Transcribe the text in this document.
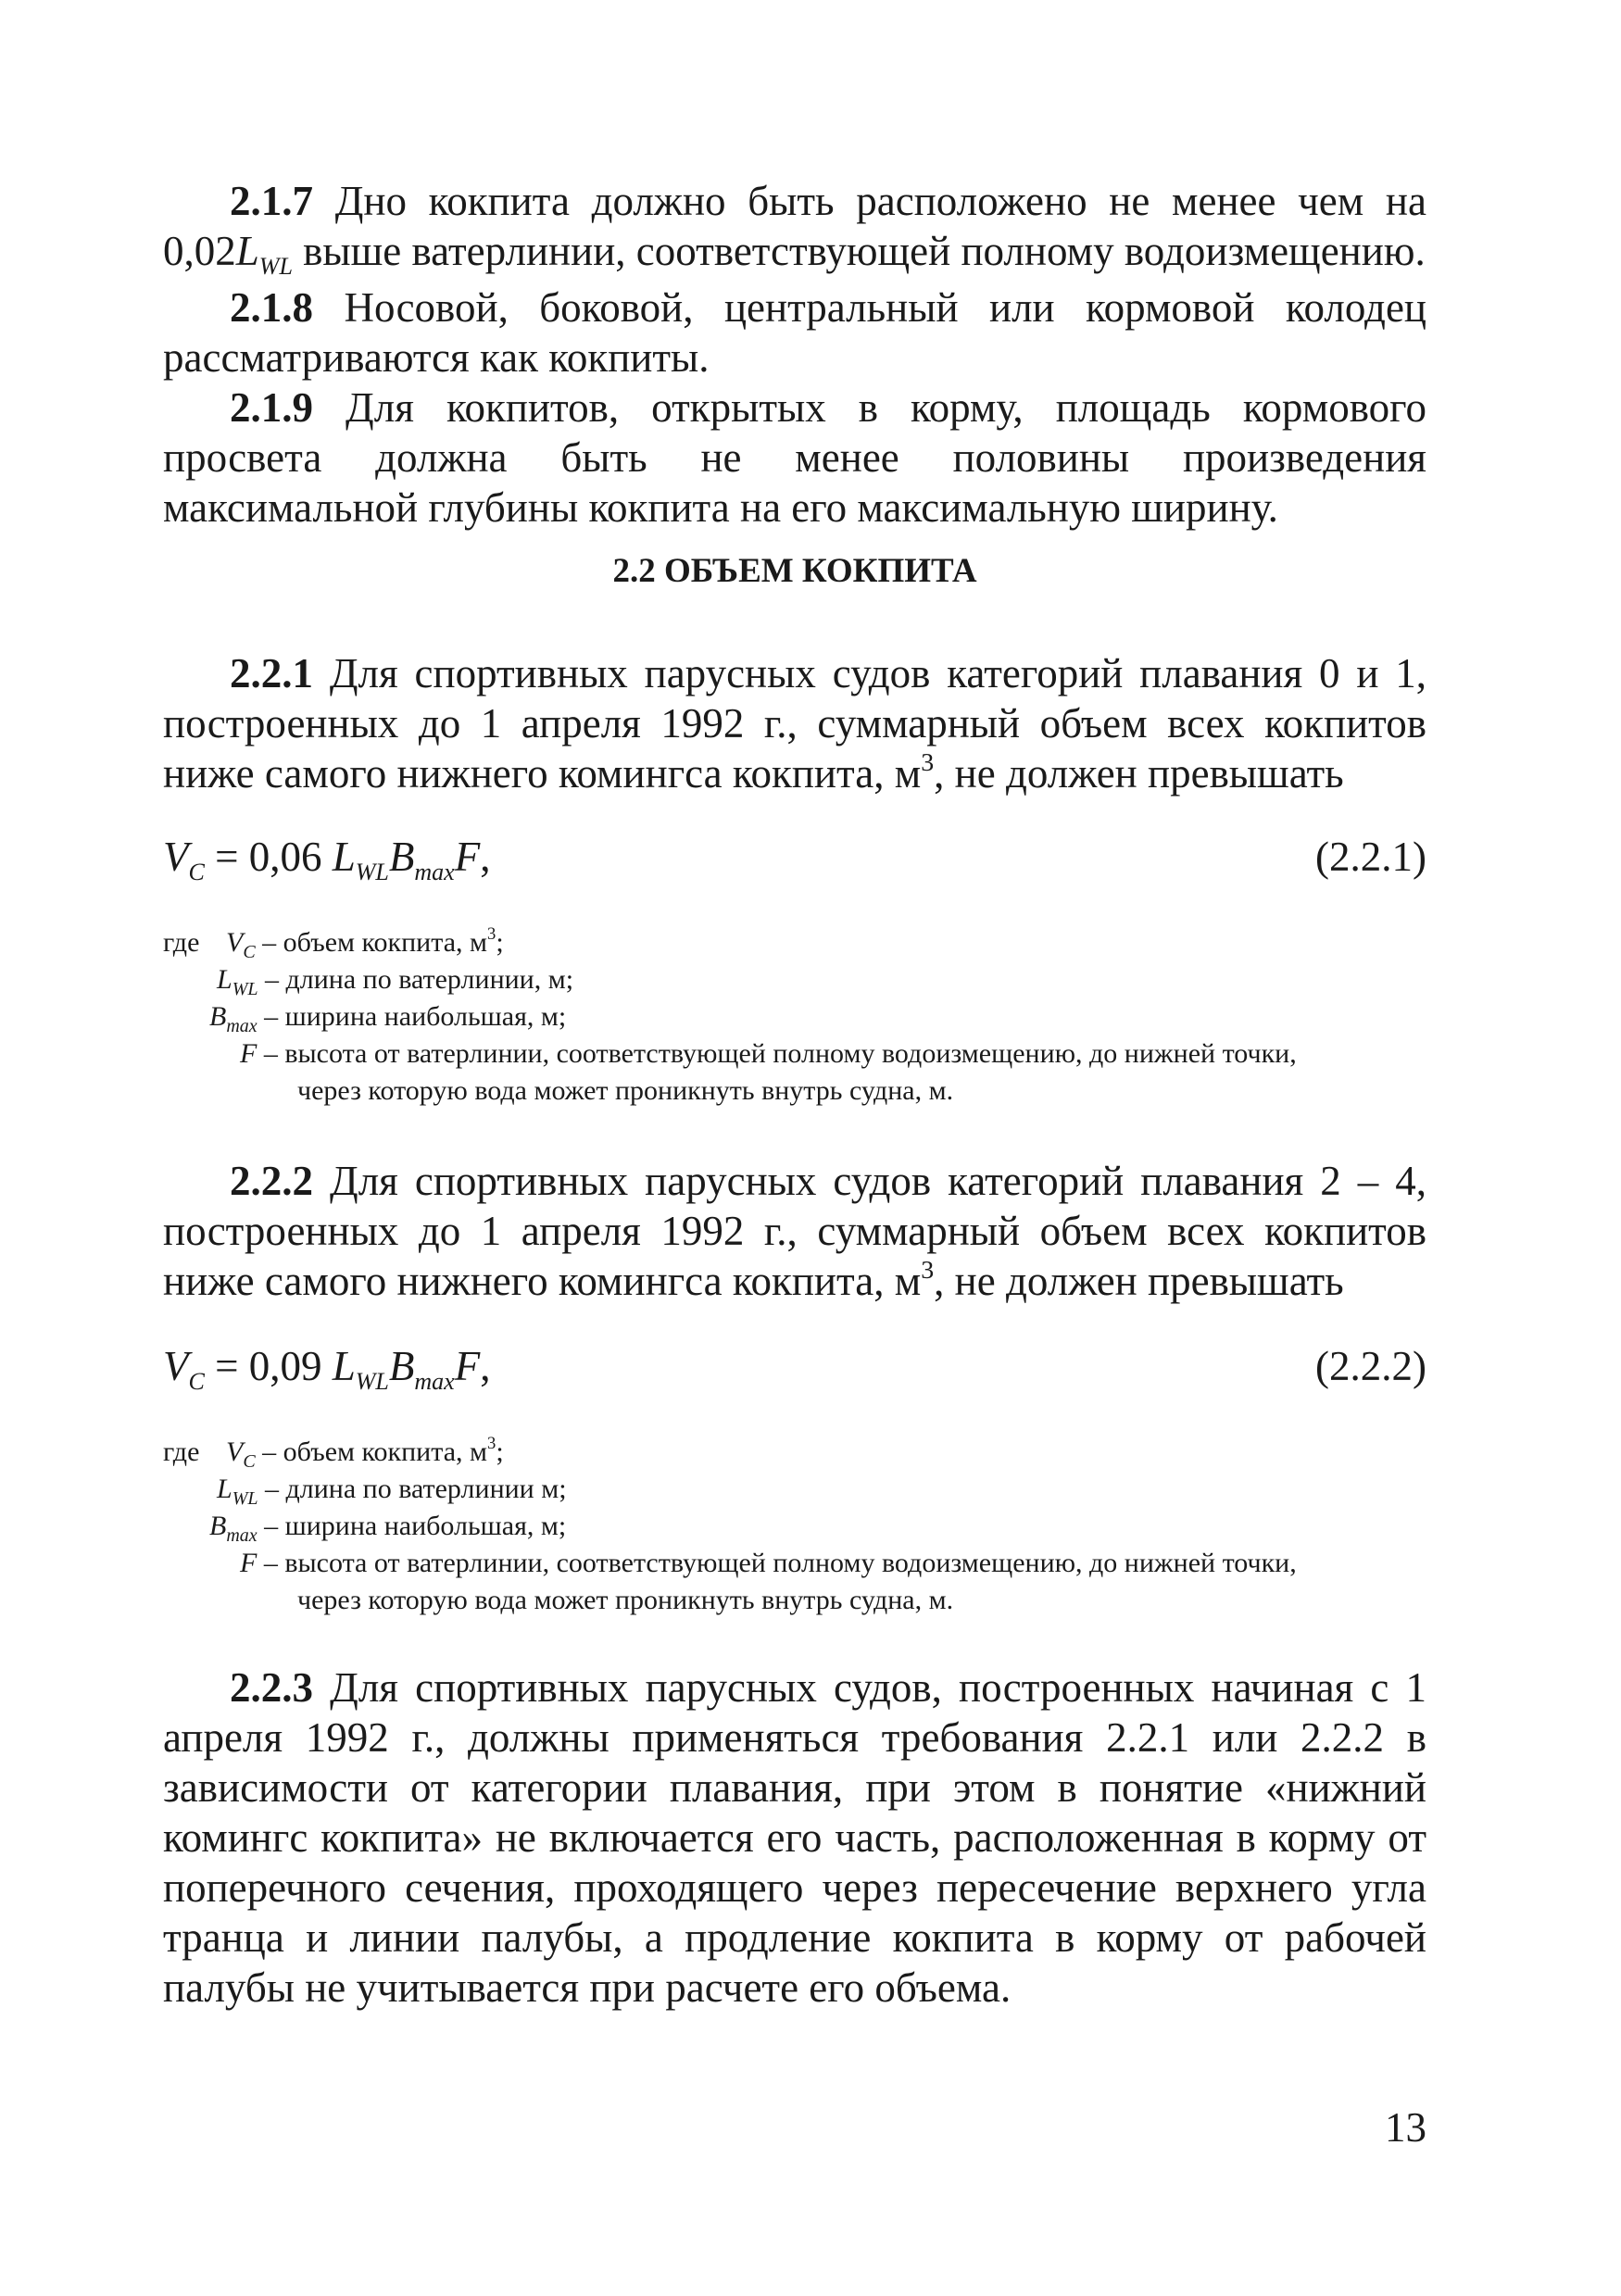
2.1.7 Дно кокпита должно быть расположено не менее чем на $0,02L_{WL}$ выше ватерлинии, соответствующей полному водоизмещению.

2.1.8 Носовой, боковой, центральный или кормовой колодец рассматриваются как кокпиты.

2.1.9 Для кокпитов, открытых в корму, площадь кормового просвета должна быть не менее половины произведения максимальной глубины кокпита на его максимальную ширину.

2.2 ОБЪЕМ КОКПИТА

2.2.1 Для спортивных парусных судов категорий плавания 0 и 1, построенных до 1 апреля 1992 г., суммарный объем всех кокпитов ниже самого нижнего комингса кокпита, $м^3$, не должен превышать

$V_C = 0,06$ $L_{WL}B_{max}F$,	(2.2.1)
где $V_C$ – объем кокпита, $м^3$;
$L_{WL}$ – длина по ватерлинии, м;
$B_{max}$ – ширина наибольшая, м;
F – высота от ватерлинии, соответствующей полному водоизмещению, до нижней точки,
через которую вода может проникнуть внутрь судна, м.

2.2.2 Для спортивных парусных судов категорий плавания 2 – 4, построенных до 1 апреля 1992 г., суммарный объем всех кокпитов ниже самого нижнего комингса кокпита, $м^3$, не должен превышать

$V_C = 0,09$ $L_{WL}B_{max}F$,	(2.2.2)
где $V_C$ – объем кокпита, $м^3$;
$L_{WL}$ – длина по ватерлинии м;
$B_{max}$ – ширина наибольшая, м;
F – высота от ватерлинии, соответствующей полному водоизмещению, до нижней точки,
через которую вода может проникнуть внутрь судна, м.

2.2.3 Для спортивных парусных судов, построенных начиная с 1 апреля 1992 г., должны применяться требования 2.2.1 или 2.2.2 в зависимости от категории плавания, при этом в понятие «нижний комингс кокпита» не включается его часть, расположенная в корму от поперечного сечения, проходящего через пересечение верхнего угла транца и линии палубы, а продление кокпита в корму от рабочей палубы не учитывается при расчете его объема.

13
